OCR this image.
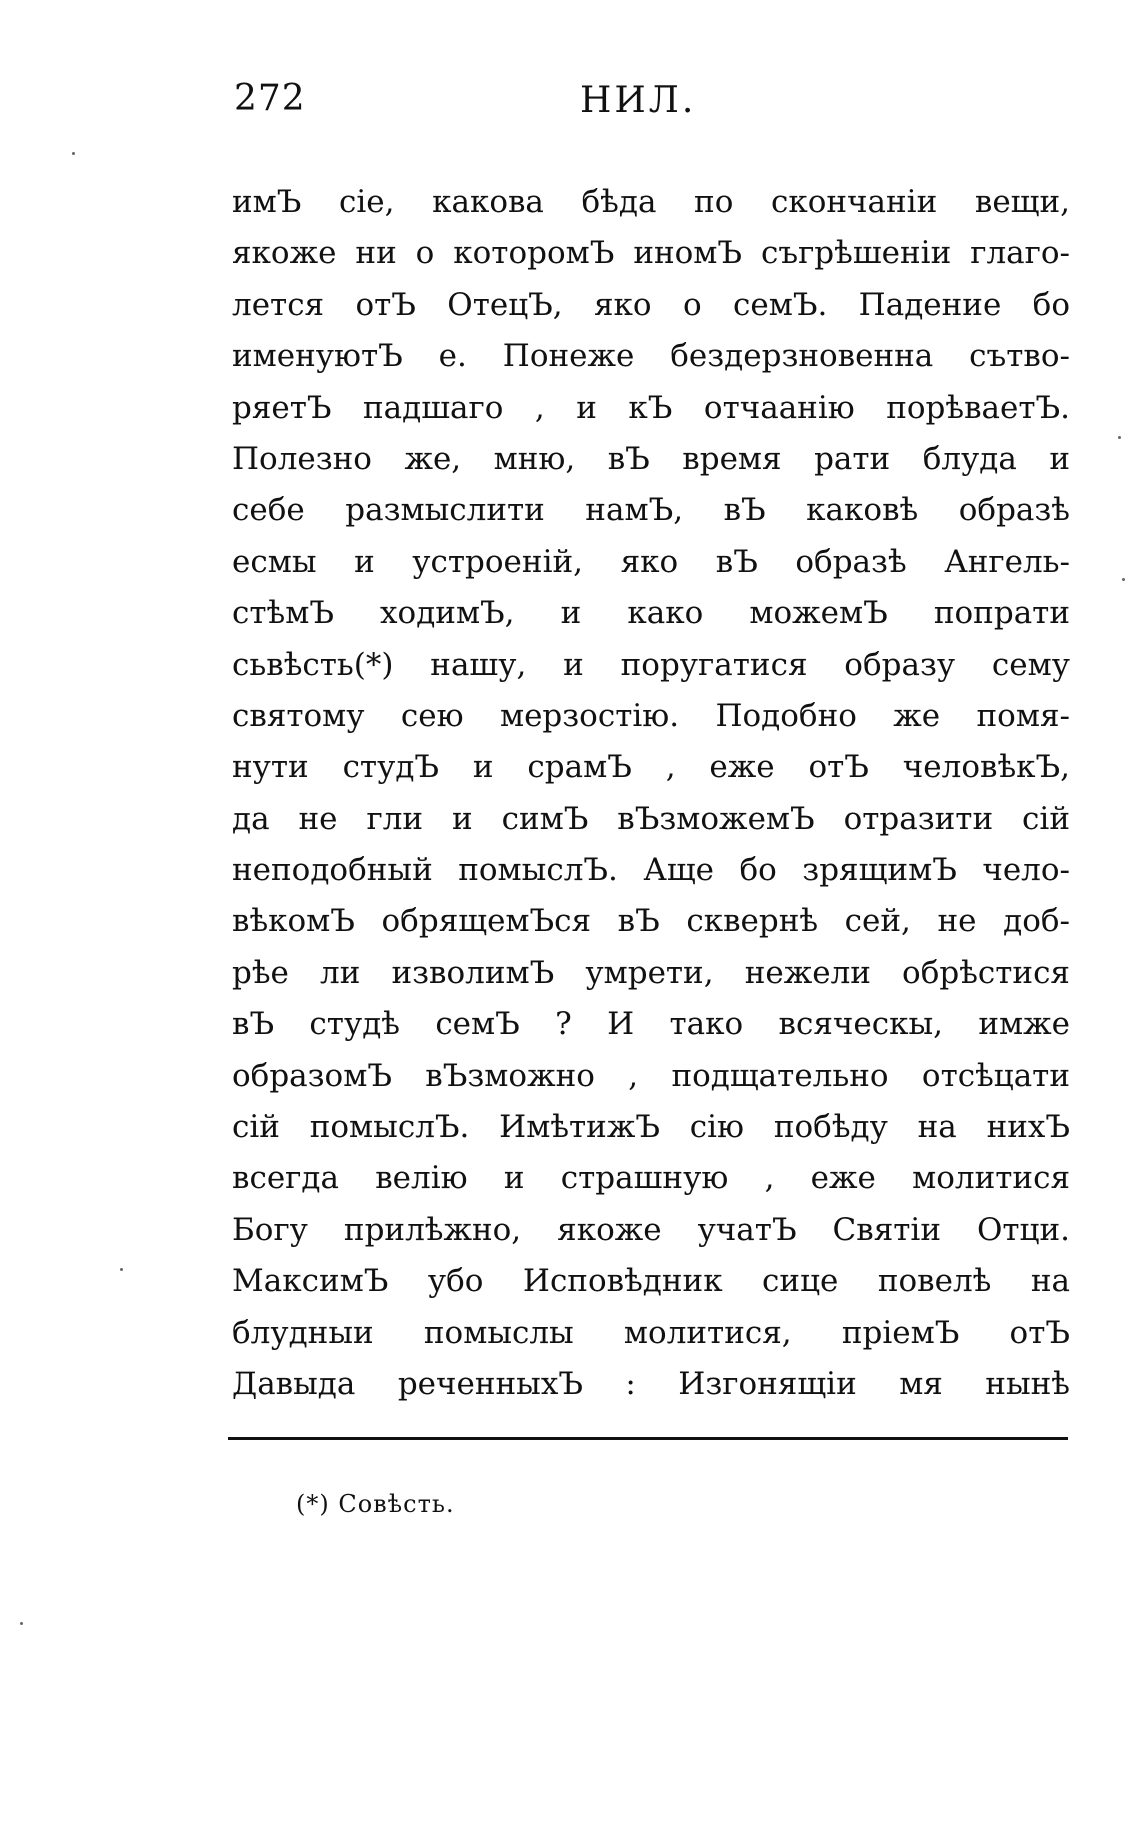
272	НИЛ.
имЪ сіе, какова бѣда по скончаніи вещи,
якоже ни о которомЪ иномЪ съгрѣшеніи глаго-
лется отЪ ОтецЪ, яко о семЪ. Падение бо
именуютЪ е. Понеже бездерзновенна сътво-
ряетЪ падшаго , и кЪ отчаанію порѣваетЪ.
Полезно же, мню, вЪ время рати блуда и
себе размыслити намЪ, вЪ каковѣ образѣ
есмы и устроеній, яко вЪ образѣ Ангель-
стѣмЪ ходимЪ, и како можемЪ попрати
сьвѣсть(*) нашу, и поругатися образу сему
святому сею мерзостію. Подобно же помя-
нути студЪ и срамЪ , еже отЪ человѣкЪ,
да не гли и симЪ вЪзможемЪ отразити сій
неподобный помыслЪ. Аще бо зрящимЪ чело-
вѣкомЪ обрящемЪся вЪ сквернѣ сей, не доб-
рѣе ли изволимЪ умрети, нежели обрѣстися
вЪ студѣ семЪ ? И тако всяческы, имже
образомЪ вЪзможно , подщательно отсѣцати
сій помыслЪ. ИмѣтижЪ сію побѣду на нихЪ
всегда велію и страшную , еже молитися
Богу прилѣжно, якоже учатЪ Святіи Отци.
МаксимЪ убо Исповѣдник сице повелѣ на
блудныи помыслы молитися, пріемЪ отЪ
Давыда реченныхЪ : Изгонящіи мя нынѣ
(*) Совѣсть.
